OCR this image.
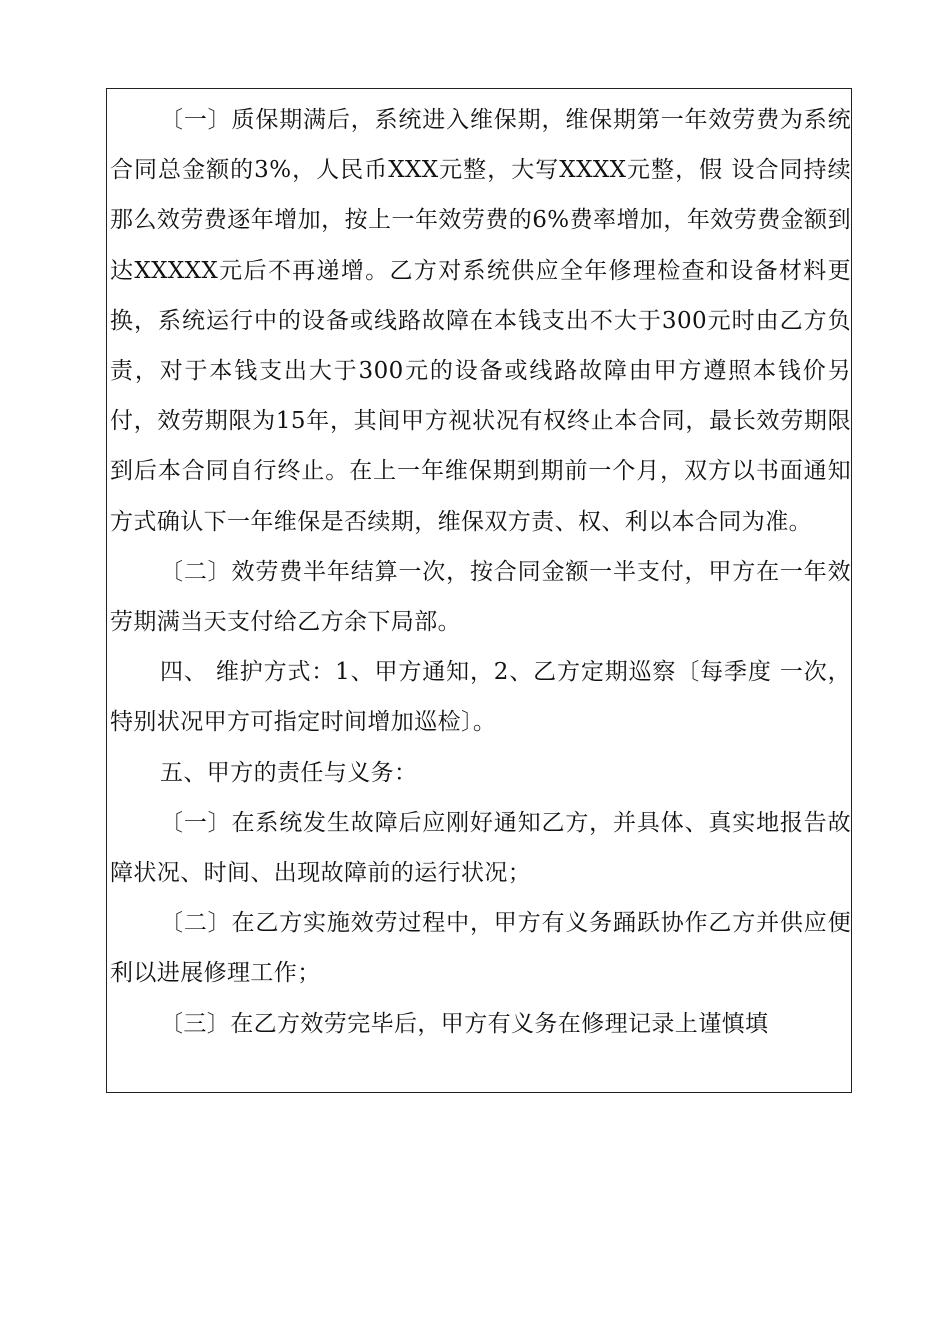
〔一〕质保期满后，系统进入维保期，维保期第一年效劳费为系统合同总金额的3%，人民币XXX元整，大写XXXX元整，假 设合同持续那么效劳费逐年增加，按上一年效劳费的6%费率增加，年效劳费金额到达XXXXX元后不再递增。乙方对系统供应全年修理检查和设备材料更换，系统运行中的设备或线路故障在本钱支出不大于300元时由乙方负责，对于本钱支出大于300元的设备或线路故障由甲方遵照本钱价另付，效劳期限为15年，其间甲方视状况有权终止本合同，最长效劳期限到后本合同自行终止。在上一年维保期到期前一个月，双方以书面通知方式确认下一年维保是否续期，维保双方责、权、利以本合同为准。

〔二〕效劳费半年结算一次，按合同金额一半支付，甲方在一年效劳期满当天支付给乙方余下局部。

四、 维护方式：1、甲方通知，2、乙方定期巡察〔每季度 一次，特别状况甲方可指定时间增加巡检〕。

五、甲方的责任与义务：

〔一〕在系统发生故障后应刚好通知乙方，并具体、真实地报告故障状况、时间、出现故障前的运行状况；

〔二〕在乙方实施效劳过程中，甲方有义务踊跃协作乙方并供应便利以进展修理工作；

〔三〕在乙方效劳完毕后，甲方有义务在修理记录上谨慎填
